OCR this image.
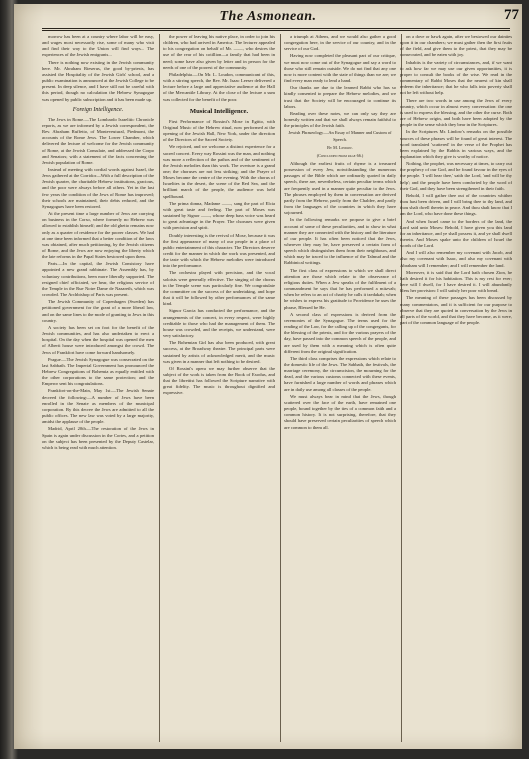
The Asmonean.	77

morrow has been at a country where labor will be easy, and wages most necessarily rise, some of many who visit and find their way to the Union will find ways... The experiences of the Jewish emigrants...

There is nothing now existing in the Jewish community here. Mr. Abraham Rieserus, the good by-priests, has assisted the Hospitality of the Jewish Girls' school, and a public examination is announced at the Jewish College to be present. In deep silence, and I have still not be careful with this period, though no calculation the Hebrew Synagogue was opened by public subscription and it has been made up.

Foreign Intelligence.

The Jews in Rome.—The Lombardo Israelitic Chronicle reports, as we are informed by a Jewish correspondent, the Rev. Abraham Ruffetto, of Monteveutural, Piedmont, the accounts of the Rome Jews. The Lower Chamber, which delivered the lecture of welcome for the Jewish community of Rome, at the Jewish Consulate, and addressed the Corpo and Senators; with a statement of the facts concerning the Jewish population of Rome.

Instead of meeting with cordial words against Israel, the Jews gathered at the Corridor—With a full description of the Jewish quarter, the charitable Hebrew institutions, gracious, and the poor were always before all others. Yet in the last few years the condition of the Jews of Rome has improved; their schools are maintained, their debts reduced, and the Synagogues have been restored.

At the present time a large number of Jews are carrying on business in the Corso, where formerly no Hebrew was allowed to establish himself; and the old ghetto remains now only as a quarter of residence for the poorer classes. We had at one time been informed that a better condition of the laws was obtained, after much petitioning, by the Jewish citizens of Rome, and the Jews are now enjoying the liberty which the late reforms in the Papal States bestowed upon them.

Paris.—In the capital, the Jewish Consistory have appointed a new grand rabbinate. The Assembly has, by voluntary contributions, been more liberally supported. The resigned chief officiated, we hear, the religious service of the Temple in the Rue Notre Dame de Nazareth, which was crowded. The Archbishop of Paris was present.

The Jewish Community of Copenhagen (Sweden) has petitioned government for the grant of a more liberal law, and on the same lines to the mode of granting to Jews in this country.

A society has been set on foot for the benefit of the Jewish communities, and has also undertaken to erect a hospital. On the day when the hospital was opened the men of Alberti house were introduced amongst the crowd. The Jews of Frankfort have come forward handsomely.

Prague.—The Jewish Synagogue was consecrated on the last Sabbath. The Imperial Government has pronounced the Hebrew Congregations of Bohemia as equally entitled with the other corporations to the same protection; and the Emperor sent his congratulations.

Frankfort-on-the-Main, May 1st.—The Jewish Senate decreed the following:—A number of Jews have been enrolled in the Senate as members of the municipal corporation. By this decree the Jews are admitted to all the public offices. The new law was voted by a large majority, amidst the applause of the people.

Madrid, April 20th.—The restoration of the Jews in Spain is again under discussion in the Cortes, and a petition on the subject has been presented by the Deputy Castelar, which is being read with much attention.

the power of leaving his native place, in order to join his children, who had arrived in America. The lecturer appealed to his congregation on behalf of Mr. ——, who desires the use of the rear of his cotillion—a family that had been in need; some have also given by letter and in person for the needs of one of the poorest of the community.

Philadelphia.—On Mr. L. Loudon, communicant of this, with a stirring speech, the Rev. Mr. Isaac Leeser delivered a lecture before a large and appreciative audience at the Hall of the Mercantile Library. At the close of the lecture a sum was collected for the benefit of the poor.

Musical Intelligence.

First Performance of Rossini's Mose in Egitto, with Original Music of the Hebrew ritual, now performed at the opening of the Jewish Hall, New York, under the direction of the Directors of the Sacred Society.

We rejoiced, and we welcome a distinct experience for a sacred concert. Every way Rossini was the man, and nothing was more a reflection of the pathos and of the sentiment of the Jewish melodies than this work. The overture is a grand one; the choruses are not less striking; and the Prayer of Moses became the centre of the evening. With the chorus of Israelites in the desert, the scene of the Red Sea, and the brilliant march of the people, the audience was held spellbound.

The prima donna, Madame ——, sang the part of Elcia with great taste and feeling. The part of Moses was sustained by Signor ——, whose deep bass voice was heard to great advantage in the Prayer. The choruses were given with precision and spirit.

Doubly interesting is the revival of Mose, because it was the first appearance of many of our people in a place of public entertainment of this character. The Directors deserve credit for the manner in which the work was presented, and the taste with which the Hebrew melodies were introduced into the performance.

The orchestra played with precision, and the vocal soloists were generally effective. The singing of the chorus in the Temple scene was particularly fine. We congratulate the committee on the success of the undertaking, and hope that it will be followed by other performances of the same kind.

Signor Garcia has conducted the performance, and the arrangements of the concert, in every respect, were highly creditable to those who had the management of them. The house was crowded, and the receipts, we understand, were very satisfactory.

The Bohemian Girl has also been produced, with great success, at the Broadway theatre. The principal parts were sustained by artists of acknowledged merit, and the music was given in a manner that left nothing to be desired.

Of Rossini's opera we may further observe that the subject of the work is taken from the Book of Exodus, and that the librettist has followed the Scripture narrative with great fidelity. The music is throughout dignified and expressive.

a triumph at Athens, and we would also gather a good congregation here, in the service of our country, and in the service of our God.

Having now completed the pleasant part of our critique, we must now come out of the Synagogue and say a word to those who still remain outside. We do not find that any one now is more content with the state of things than we are; we find every man ready to lend a hand.

Our thanks are due to the learned Rabbi who has so kindly consented to prepare the Hebrew melodies, and we trust that the Society will be encouraged to continue its labors.

Reading over these notes, we can only say they are honestly written and that we shall always remain faithful to the principles of the Jewish faith.

Jewish Phraseology.—An Essay of Manner and Custom of Speech.

By M. Lindow.

(Concluded from page 66.)

Although the earliest fruits of rhyme is a treasured possession of every Jew, notwithstanding the numerous passages of the Bible which are ordinarily quoted in daily speech, there are, nevertheless, certain peculiar terms which are frequently used in a manner quite peculiar to the Jews. The phrases employed by them in conversation are derived partly from the Hebrew, partly from the Chaldee, and partly from the languages of the countries in which they have sojourned.

In the following remarks we propose to give a brief account of some of these peculiarities, and to show in what manner they are connected with the history and the literature of our people. It has often been noticed that the Jews, wherever they may be, have preserved a certain form of speech which distinguishes them from their neighbours, and which may be traced to the influence of the Talmud and the Rabbinical writings.

The first class of expressions to which we shall direct attention are those which relate to the observance of religious duties. When a Jew speaks of the fulfilment of a commandment he says that he has performed a mitzvah; when he refers to an act of charity he calls it tzedakah; when he wishes to express his gratitude to Providence he uses the phrase, Blessed be He.

A second class of expressions is derived from the ceremonies of the Synagogue. The terms used for the reading of the Law, for the calling up of the congregants, for the blessing of the priests, and for the various prayers of the day, have passed into the common speech of the people, and are used by them with a meaning which is often quite different from the original signification.

The third class comprises the expressions which relate to the domestic life of the Jews. The Sabbath, the festivals, the marriage ceremony, the circumcision, the mourning for the dead, and the various customs connected with these events, have furnished a large number of words and phrases which are in daily use among all classes of the people.

We must always bear in mind that the Jews, though scattered over the face of the earth, have remained one people, bound together by the ties of a common faith and a common history. It is not surprising, therefore, that they should have preserved certain peculiarities of speech which are common to them all.

on a dove or hawk again, after we bestowed our dainties upon it in our chambers; we must gather then the first fruits of the field, and give them to the priest, that they may be consecrated, and be eaten with joy.

Inhabits is the variety of circumstances, and, if we want to ask how far we may use our given opportunities, it is proper to consult the books of the wise. We read in the commentary of Rabbi Moses that the nearest of kin shall redeem the inheritance; that he who falls into poverty shall not be left without help.

There are two words in use among the Jews of every country, which occur in almost every conversation: the one is used to express the blessing, and the other the curse. Both are of Hebrew origin, and both have been adopted by the people in the sense which they bear in the Scriptures.

In the Scriptures Mr. Lindow's remarks on the possible sources of these phrases will be found of great interest. The word translated 'scattered' in the verse of the Prophet has been explained by the Rabbis in various ways, and the explanation which they give is worthy of notice.

Nothing, the prophet, was necessary at times, to carry out the prophecy of our God, and he found favour in the eyes of the people. 'I will hear thee,' saith the Lord, 'and will be thy help'; and the people have been comforted by the word of their God, and they have been strengthened in their faith.

Behold, I will gather thee out of the countries whither thou hast been driven, and I will bring thee to thy land, and thou shalt dwell therein in peace. And thou shalt know that I am the Lord, who have done these things.

And when Israel came to the borders of the land, the Lord said unto Moses: Behold, I have given you this land for an inheritance, and ye shall possess it, and ye shall dwell therein. And Moses spake unto the children of Israel the words of the Lord.

And I will also remember my covenant with Jacob, and also my covenant with Isaac, and also my covenant with Abraham will I remember; and I will remember the land.

Moreover, it is said that the Lord hath chosen Zion, he hath desired it for his habitation. This is my rest for ever; here will I dwell, for I have desired it. I will abundantly bless her provision: I will satisfy her poor with bread.

The meaning of these passages has been discussed by many commentators, and it is sufficient for our purpose to observe that they are quoted in conversation by the Jews in all parts of the world, and that they have become, as it were, part of the common language of the people.
